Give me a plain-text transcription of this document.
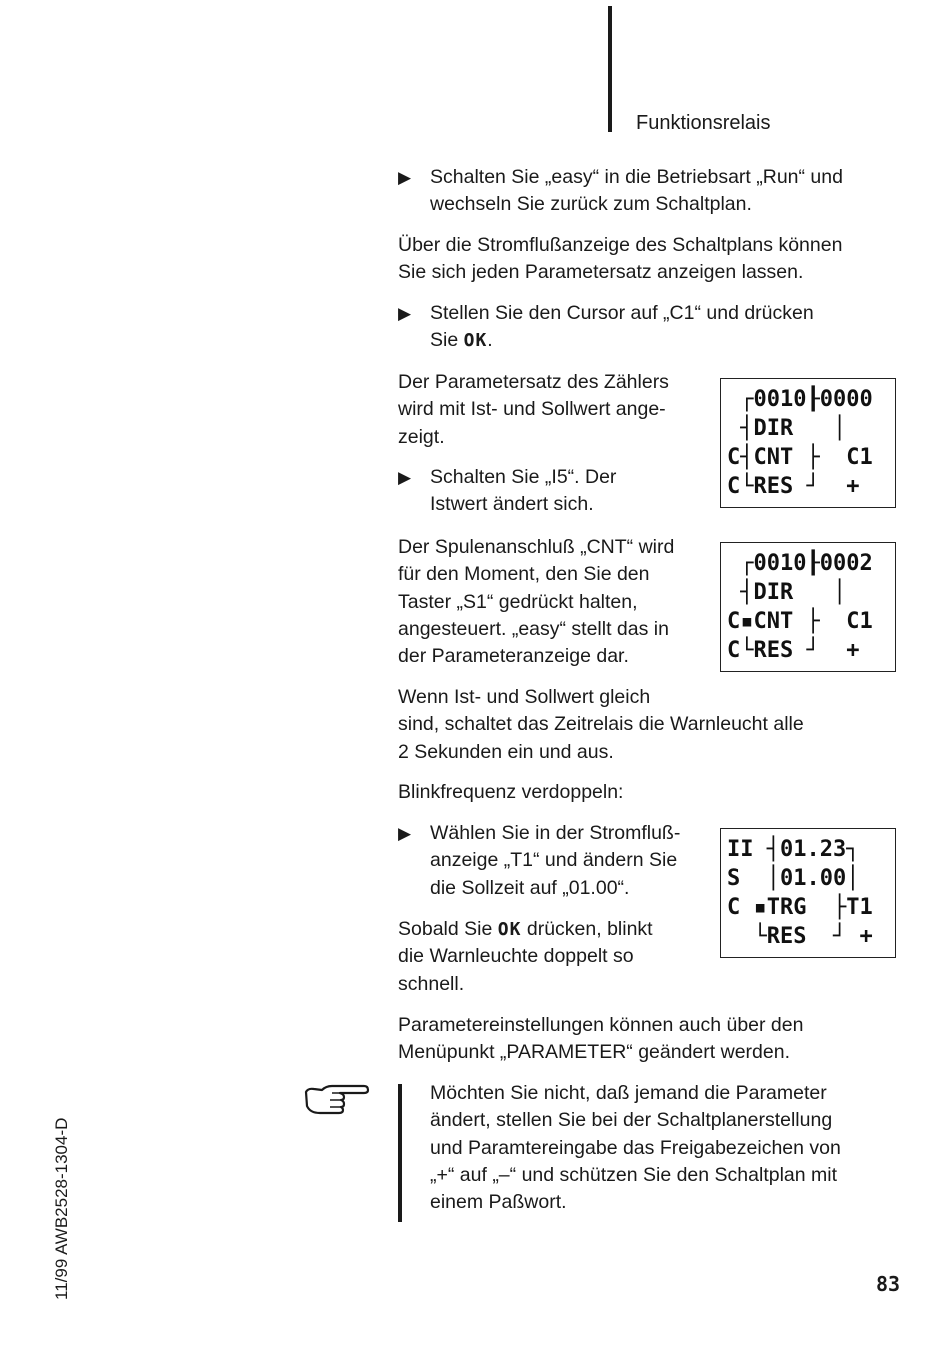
Funktionsrelais
▶ Schalten Sie „easy“ in die Betriebsart „Run“ und
wechseln Sie zurück zum Schaltplan.
Über die Stromflußanzeige des Schaltplans können
Sie sich jeden Parametersatz anzeigen lassen.
▶ Stellen Sie den Cursor auf „C1“ und drücken
Sie OK.
Der Parametersatz des Zählers
wird mit Ist- und Sollwert ange-
zeigt.
▶ Schalten Sie „I5“. Der
Istwert ändert sich.
Der Spulenanschluß „CNT“ wird
für den Moment, den Sie den
Taster „S1“ gedrückt halten,
angesteuert. „easy“ stellt das in
der Parameteranzeige dar.
Wenn Ist- und Sollwert gleich
sind, schaltet das Zeitrelais die Warnleucht alle
2 Sekunden ein und aus.
Blinkfrequenz verdoppeln:
▶ Wählen Sie in der Stromfluß-
anzeige „T1“ und ändern Sie
die Sollzeit auf „01.00“.
Sobald Sie OK drücken, blinkt
die Warnleuchte doppelt so
schnell.
Parametereinstellungen können auch über den
Menüpunkt „PARAMETER“ geändert werden.
┌0010┠0000
┤DIR   │
C┤CNT ├  C1
C└RES ┘  +
┌0010┠0002
┤DIR   │
C▪CNT ├  C1
C└RES ┘  +
II ┤01.23┐
S  │01.00│
C ▪TRG  ├T1
└RES  ┘ +
Möchten Sie nicht, daß jemand die Parameter
ändert, stellen Sie bei der Schaltplanerstellung
und Paramtereingabe das Freigabezeichen von
„+“ auf „–“ und schützen Sie den Schaltplan mit
einem Paßwort.
11/99 AWB2528-1304-D	83
